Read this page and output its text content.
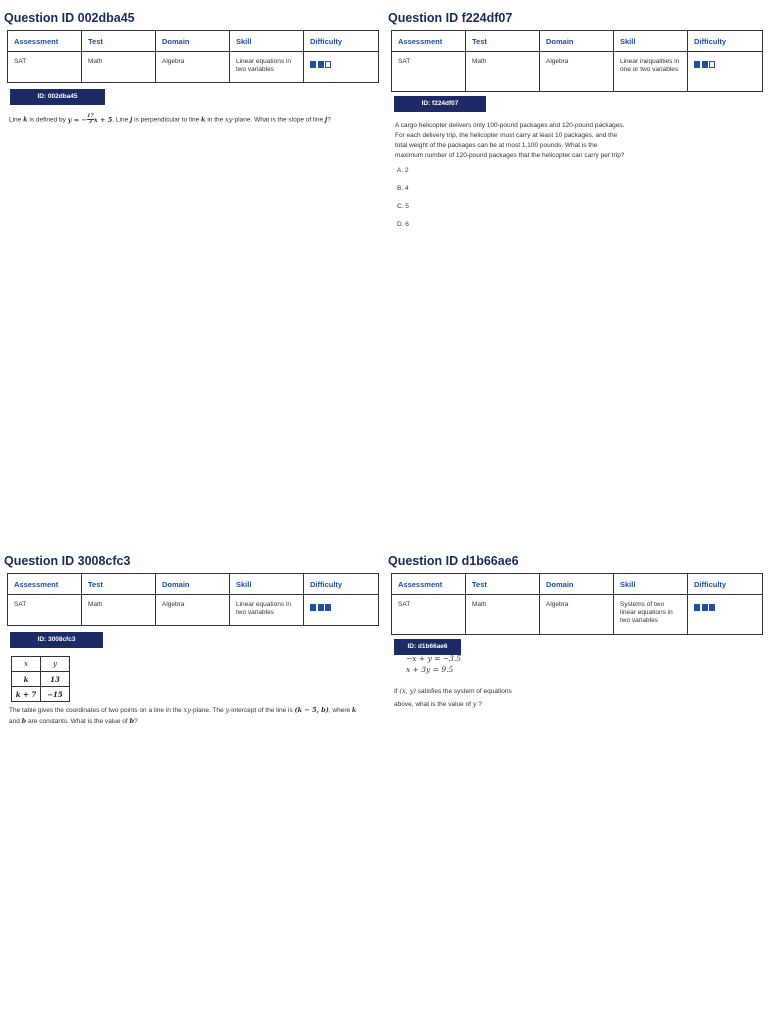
Question ID 002dba45
Assessment	Test	Domain	Skill	Difficulty
SAT	Math	Algebra	Linear equations in two variables	
ID: 002dba45
Line k is defined by y = − $\frac{17}{3}$ x + 5. Line j is perpendicular to line k in the xy-plane. What is the slope of line j?
Question ID f224df07
Assessment	Test	Domain	Skill	Difficulty
SAT	Math	Algebra	Linear inequalities in one or two variables	
ID: f224df07
A cargo helicopter delivers only 100-pound packages and 120-pound packages.
For each delivery trip, the helicopter must carry at least 10 packages, and the
total weight of the packages can be at most 1,100 pounds. What is the
maximum number of 120-pound packages that the helicopter can carry per trip?
A. 2
B. 4
C. 5
D. 6
Question ID 3008cfc3
Assessment	Test	Domain	Skill	Difficulty
SAT	Math	Algebra	Linear equations in two variables	
ID: 3008cfc3
x	y
k	13
k + 7	−15
The table gives the coordinates of two points on a line in the xy-plane. The y-intercept of the line is (k − 5, b), where k
and b are constants. What is the value of b?
Question ID d1b66ae6
Assessment	Test	Domain	Skill	Difficulty
SAT	Math	Algebra	Systems of two linear equations in two variables	
ID: d1b66ae6
−x + y = −3.5
x + 3y = 9.5
If (x, y) satisfies the system of equations
above, what is the value of y ?
